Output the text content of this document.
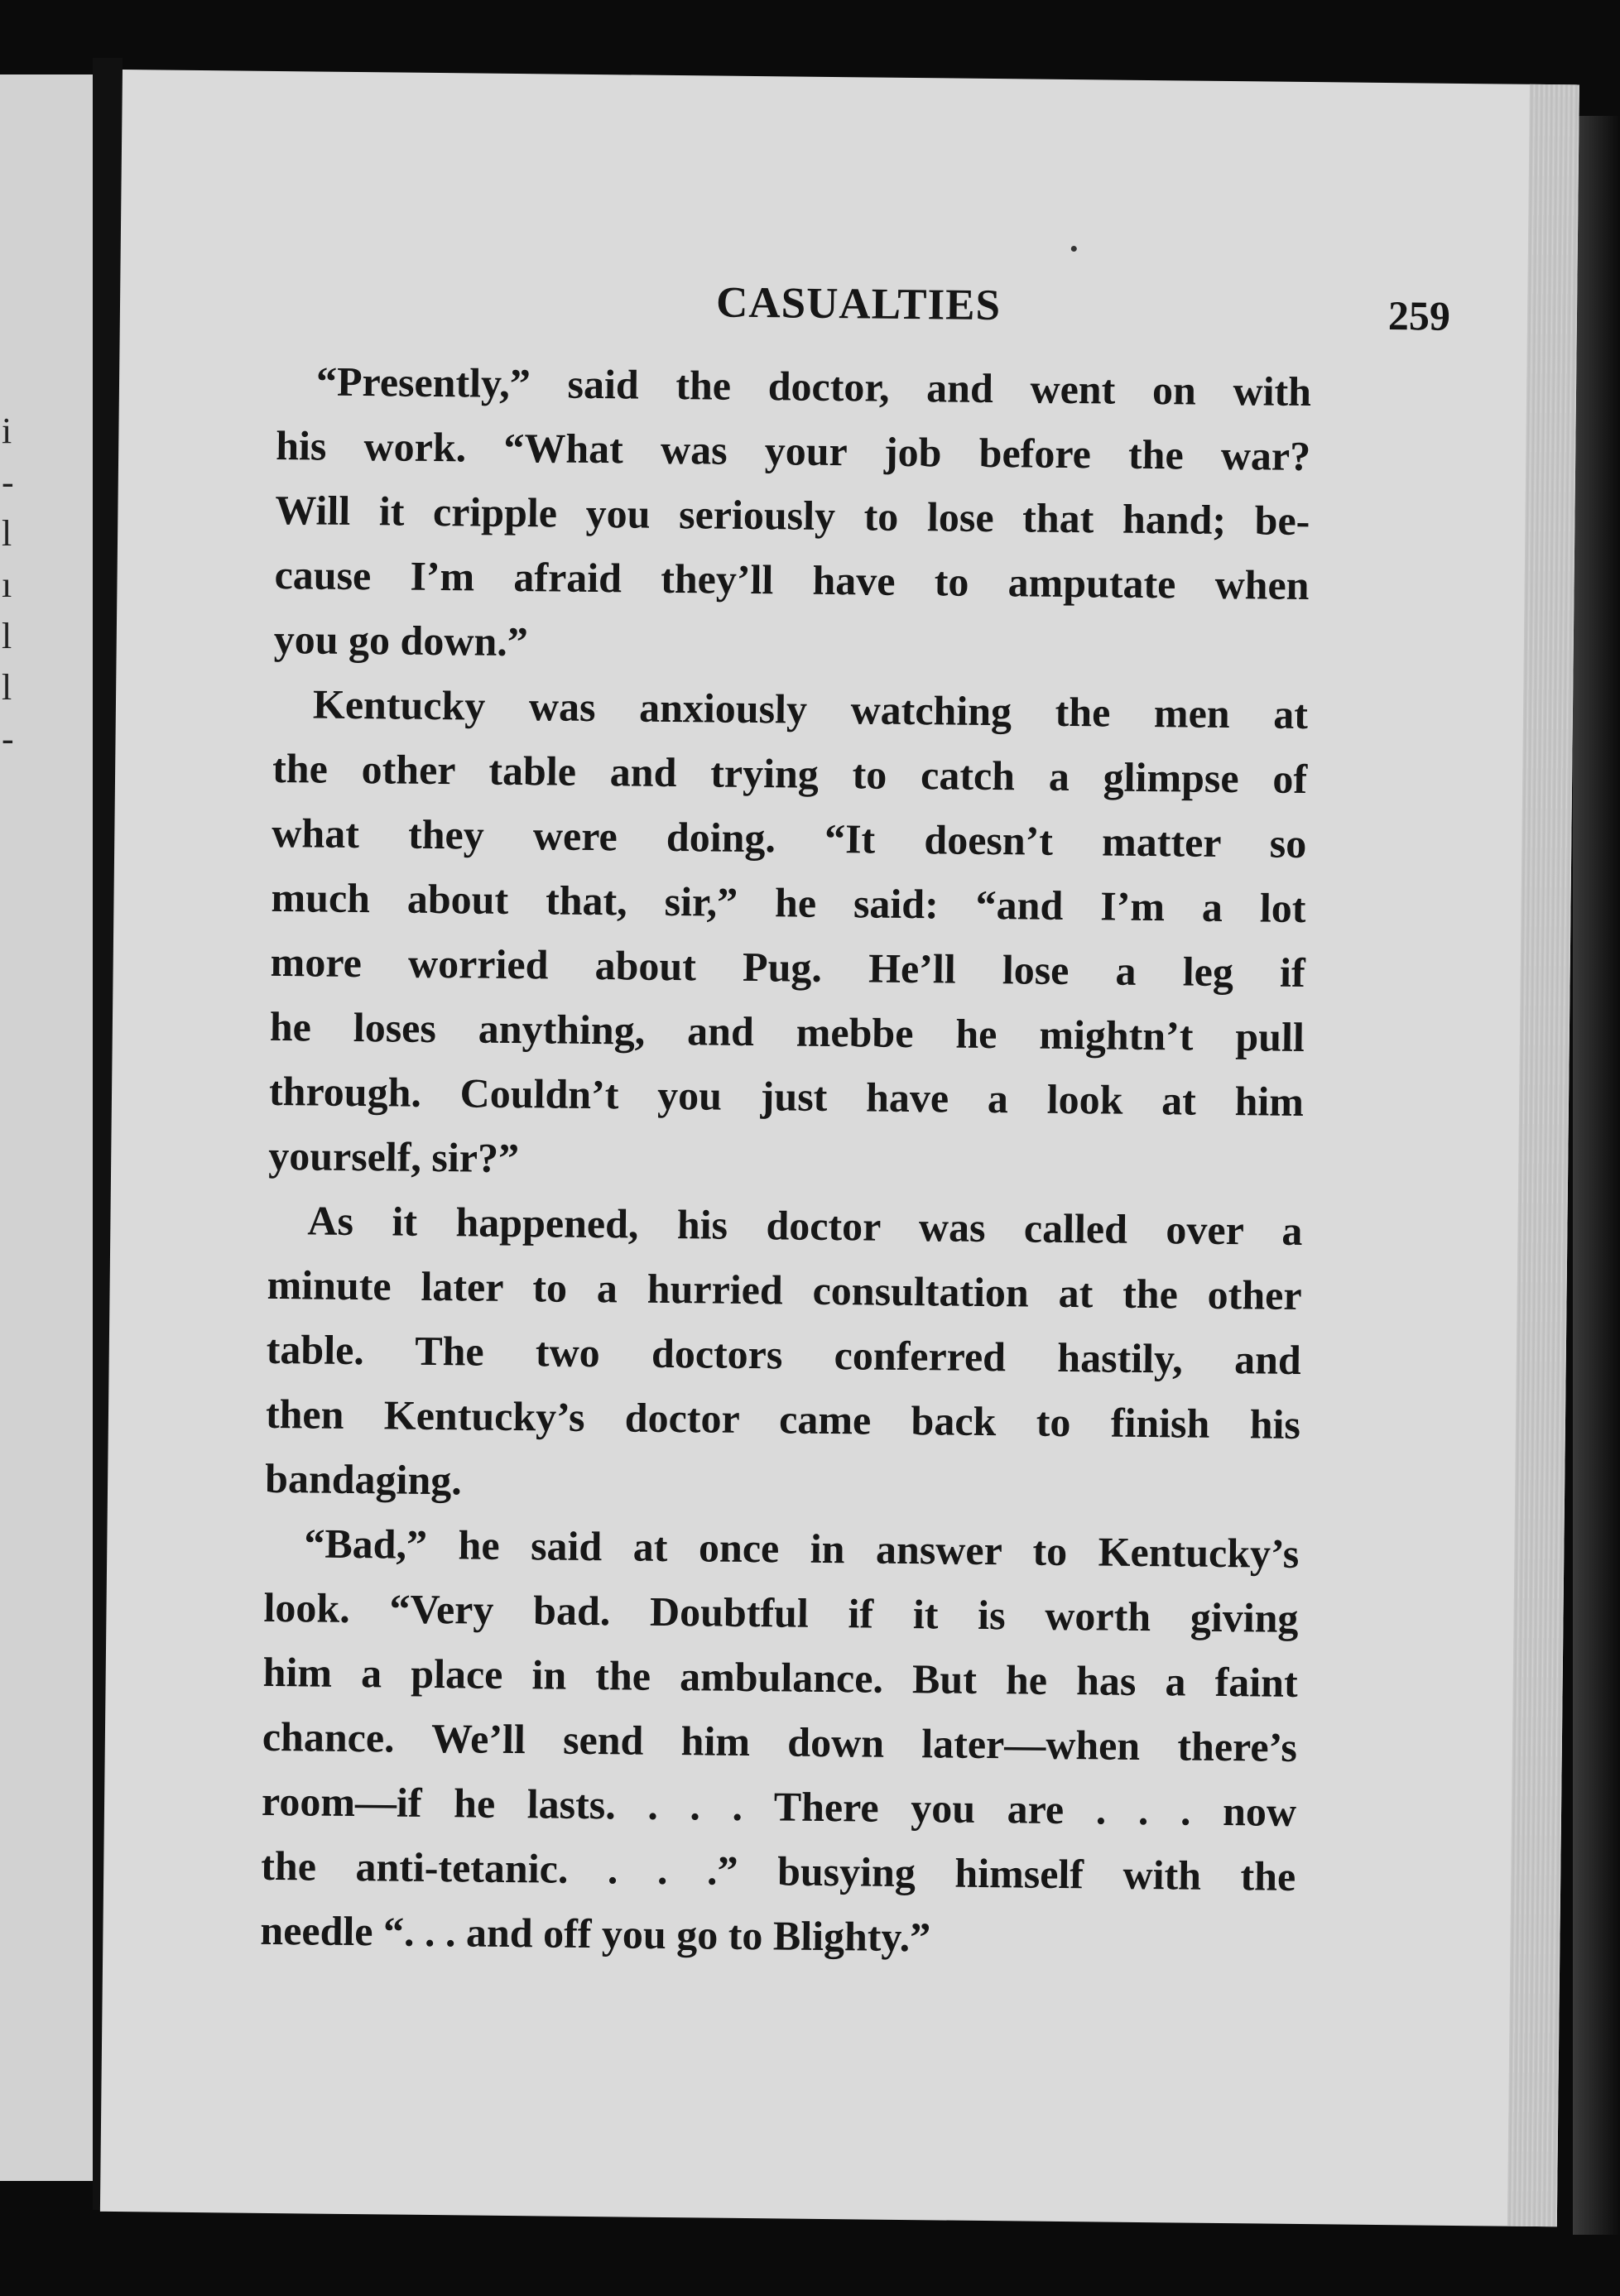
i
-
l
ı
l
l
-
CASUALTIES	259

“Presently,” said the doctor, and went on with
his work. “What was your job before the war?
Will it cripple you seriously to lose that hand; be-
cause I’m afraid they’ll have to amputate when
you go down.”

Kentucky was anxiously watching the men at
the other table and trying to catch a glimpse of
what they were doing. “It doesn’t matter so
much about that, sir,” he said: “and I’m a lot
more worried about Pug. He’ll lose a leg if
he loses anything, and mebbe he mightn’t pull
through. Couldn’t you just have a look at him
yourself, sir?”

As it happened, his doctor was called over a
minute later to a hurried consultation at the other
table. The two doctors conferred hastily, and
then Kentucky’s doctor came back to finish his
bandaging.

“Bad,” he said at once in answer to Kentucky’s
look. “Very bad. Doubtful if it is worth giving
him a place in the ambulance. But he has a faint
chance. We’ll send him down later—when there’s
room—if he lasts. . . . There you are . . . now
the anti-tetanic. . . .” busying himself with the
needle “. . . and off you go to Blighty.”
